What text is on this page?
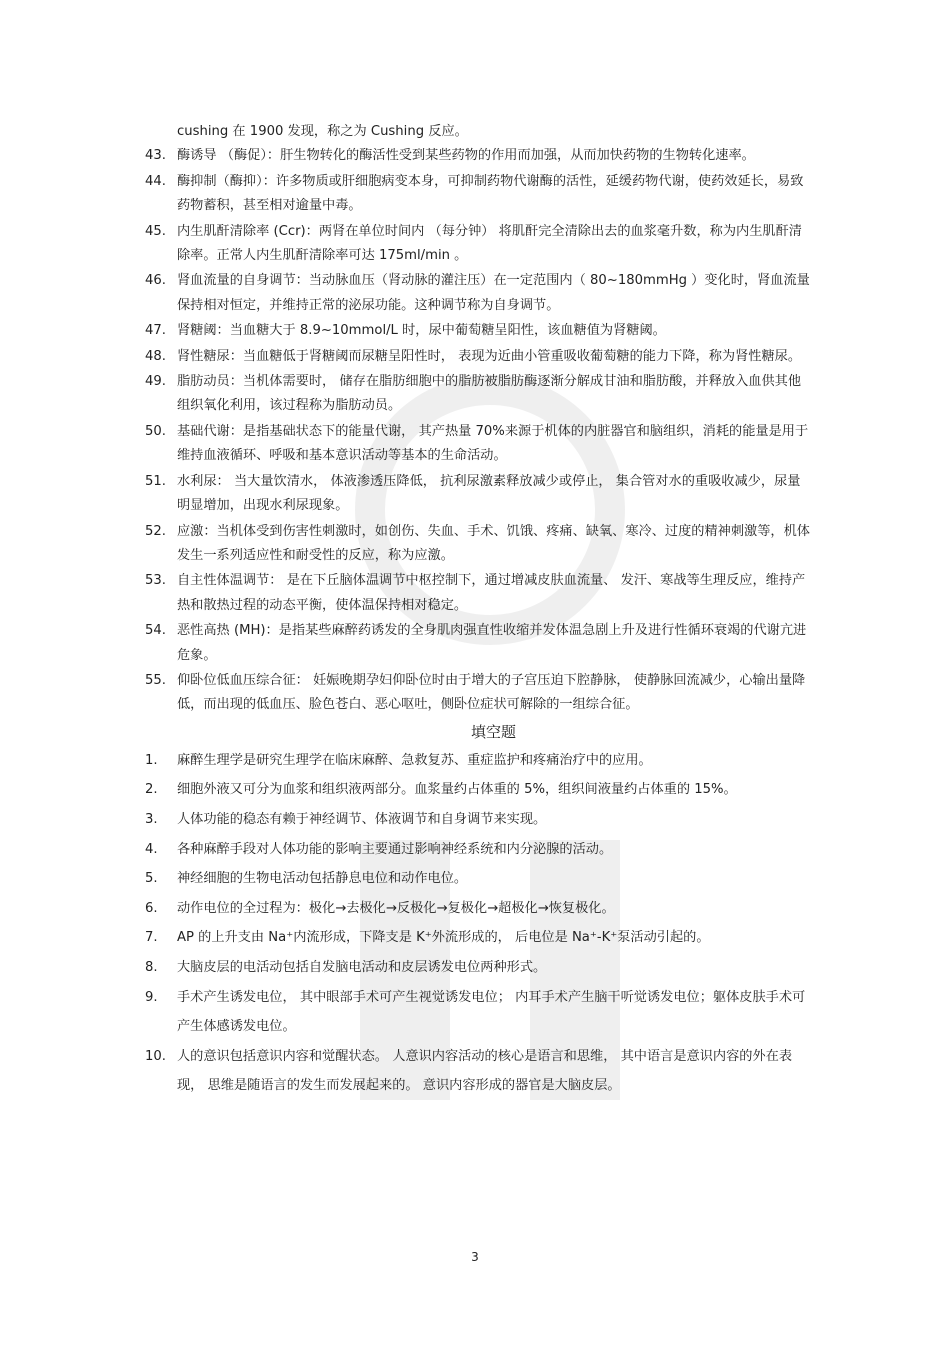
cushing 在 1900 发现，称之为 Cushing 反应。
43. 酶诱导 （酶促）：肝生物转化的酶活性受到某些药物的作用而加强，从而加快药物的生物转化速率。
44. 酶抑制（酶抑）：许多物质或肝细胞病变本身，可抑制药物代谢酶的活性，延缓药物代谢，使药效延长，易致药物蓄积，甚至相对逾量中毒。
45. 内生肌酐清除率 (Ccr)：两肾在单位时间内 （每分钟） 将肌酐完全清除出去的血浆毫升数，称为内生肌酐清除率。正常人内生肌酐清除率可达 175ml/min 。
46. 肾血流量的自身调节：当动脉血压（肾动脉的灌注压）在一定范围内（ 80~180mmHg ）变化时，肾血流量保持相对恒定，并维持正常的泌尿功能。这种调节称为自身调节。
47. 肾糖阈：当血糖大于 8.9~10mmol/L 时，尿中葡萄糖呈阳性，该血糖值为肾糖阈。
48. 肾性糖尿：当血糖低于肾糖阈而尿糖呈阳性时， 表现为近曲小管重吸收葡萄糖的能力下降，称为肾性糖尿。
49. 脂肪动员：当机体需要时， 储存在脂肪细胞中的脂肪被脂肪酶逐渐分解成甘油和脂肪酸，并释放入血供其他组织氧化利用，该过程称为脂肪动员。
50. 基础代谢：是指基础状态下的能量代谢， 其产热量 70%来源于机体的内脏器官和脑组织，消耗的能量是用于维持血液循环、呼吸和基本意识活动等基本的生命活动。
51. 水利尿： 当大量饮清水， 体液渗透压降低， 抗利尿激素释放减少或停止， 集合管对水的重吸收减少，尿量明显增加，出现水利尿现象。
52. 应激：当机体受到伤害性刺激时，如创伤、失血、手术、饥饿、疼痛、缺氧、寒冷、过度的精神刺激等，机体发生一系列适应性和耐受性的反应，称为应激。
53. 自主性体温调节： 是在下丘脑体温调节中枢控制下，通过增减皮肤血流量、 发汗、寒战等生理反应，维持产热和散热过程的动态平衡，使体温保持相对稳定。
54. 恶性高热 (MH)：是指某些麻醉药诱发的全身肌肉强直性收缩并发体温急剧上升及进行性循环衰竭的代谢亢进危象。
55. 仰卧位低血压综合征： 妊娠晚期孕妇仰卧位时由于增大的子宫压迫下腔静脉， 使静脉回流减少，心输出量降低，而出现的低血压、脸色苍白、恶心呕吐，侧卧位症状可解除的一组综合征。
填空题
1. 麻醉生理学是研究生理学在临床麻醉、急救复苏、重症监护和疼痛治疗中的应用。
2. 细胞外液又可分为血浆和组织液两部分。血浆量约占体重的 5%，组织间液量约占体重的 15%。
3. 人体功能的稳态有赖于神经调节、体液调节和自身调节来实现。
4. 各种麻醉手段对人体功能的影响主要通过影响神经系统和内分泌腺的活动。
5. 神经细胞的生物电活动包括静息电位和动作电位。
6. 动作电位的全过程为：极化→去极化→反极化→复极化→超极化→恢复极化。
7. AP 的上升支由 Na⁺内流形成，下降支是 K⁺外流形成的， 后电位是 Na⁺-K⁺泵活动引起的。
8. 大脑皮层的电活动包括自发脑电活动和皮层诱发电位两种形式。
9. 手术产生诱发电位， 其中眼部手术可产生视觉诱发电位； 内耳手术产生脑干听觉诱发电位；躯体皮肤手术可产生体感诱发电位。
10. 人的意识包括意识内容和觉醒状态。 人意识内容活动的核心是语言和思维， 其中语言是意识内容的外在表现， 思维是随语言的发生而发展起来的。 意识内容形成的器官是大脑皮层。
3
